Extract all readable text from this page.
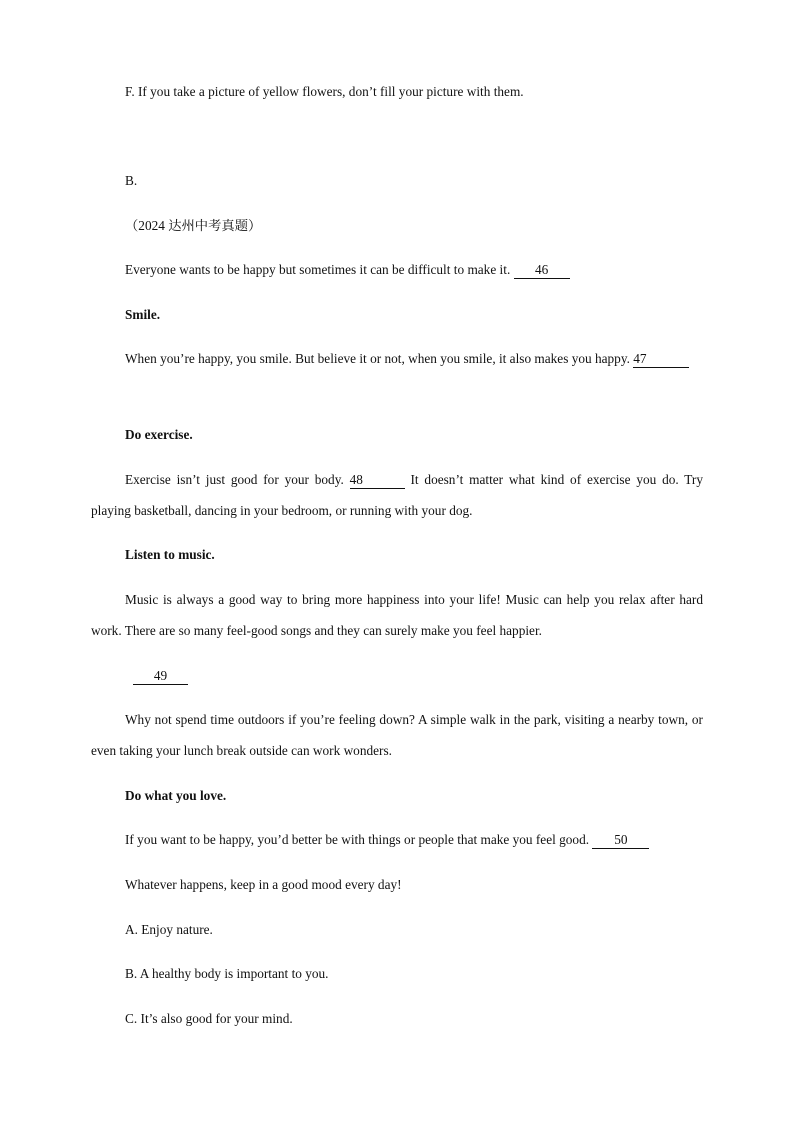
F. If you take a picture of yellow flowers, don’t fill your picture with them.

B.

（2024 达州中考真题）

Everyone wants to be happy but sometimes it can be difficult to make it. 46

Smile.

When you’re happy, you smile. But believe it or not, when you smile, it also makes you happy. 47

Do exercise.

Exercise isn’t just good for your body. 48	It doesn’t matter what kind of exercise you do. Try playing basketball, dancing in your bedroom, or running with your dog.

Listen to music.

Music is always a good way to bring more happiness into your life! Music can help you relax after hard work. There are so many feel-good songs and they can surely make you feel happier.

49

Why not spend time outdoors if you’re feeling down? A simple walk in the park, visiting a nearby town, or even taking your lunch break outside can work wonders.

Do what you love.

If you want to be happy, you’d better be with things or people that make you feel good. 50

Whatever happens, keep in a good mood every day!

A. Enjoy nature.

B. A healthy body is important to you.

C. It’s also good for your mind.
